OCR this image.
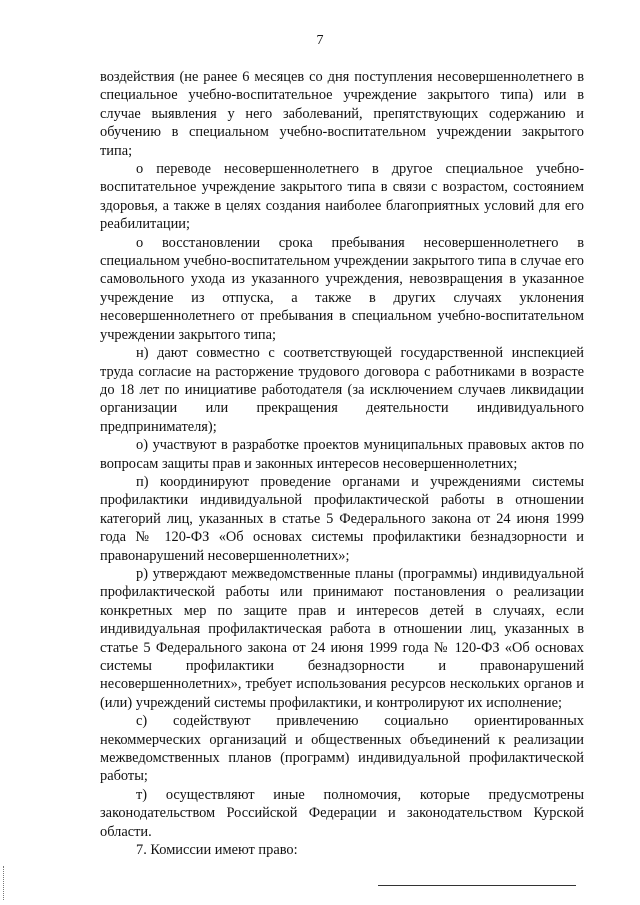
7

воздействия (не ранее 6 месяцев со дня поступления несовершеннолетнего в специальное учебно-воспитательное учреждение закрытого типа) или в случае выявления у него заболеваний, препятствующих содержанию и обучению в специальном учебно-воспитательном учреждении закрытого типа;

о переводе несовершеннолетнего в другое специальное учебно-воспитательное учреждение закрытого типа в связи с возрастом, состоянием здоровья, а также в целях создания наиболее благоприятных условий для его реабилитации;

о восстановлении срока пребывания несовершеннолетнего в специальном учебно-воспитательном учреждении закрытого типа в случае его самовольного ухода из указанного учреждения, невозвращения в указанное учреждение из отпуска, а также в других случаях уклонения несовершеннолетнего от пребывания в специальном учебно-воспитательном учреждении закрытого типа;

н) дают совместно с соответствующей государственной инспекцией труда согласие на расторжение трудового договора с работниками в возрасте до 18 лет по инициативе работодателя (за исключением случаев ликвидации организации или прекращения деятельности индивидуального предпринимателя);

о) участвуют в разработке проектов муниципальных правовых актов по вопросам защиты прав и законных интересов несовершеннолетних;

п) координируют проведение органами и учреждениями системы профилактики индивидуальной профилактической работы в отношении категорий лиц, указанных в статье 5 Федерального закона от 24 июня 1999 года № 120-ФЗ «Об основах системы профилактики безнадзорности и правонарушений несовершеннолетних»;

р) утверждают межведомственные планы (программы) индивидуальной профилактической работы или принимают постановления о реализации конкретных мер по защите прав и интересов детей в случаях, если индивидуальная профилактическая работа в отношении лиц, указанных в статье 5 Федерального закона от 24 июня 1999 года № 120-ФЗ «Об основах системы профилактики безнадзорности и правонарушений несовершеннолетних», требует использования ресурсов нескольких органов и (или) учреждений системы профилактики, и контролируют их исполнение;

с) содействуют привлечению социально ориентированных некоммерческих организаций и общественных объединений к реализации межведомственных планов (программ) индивидуальной профилактической работы;

т) осуществляют иные полномочия, которые предусмотрены законодательством Российской Федерации и законодательством Курской области.

7. Комиссии имеют право:
